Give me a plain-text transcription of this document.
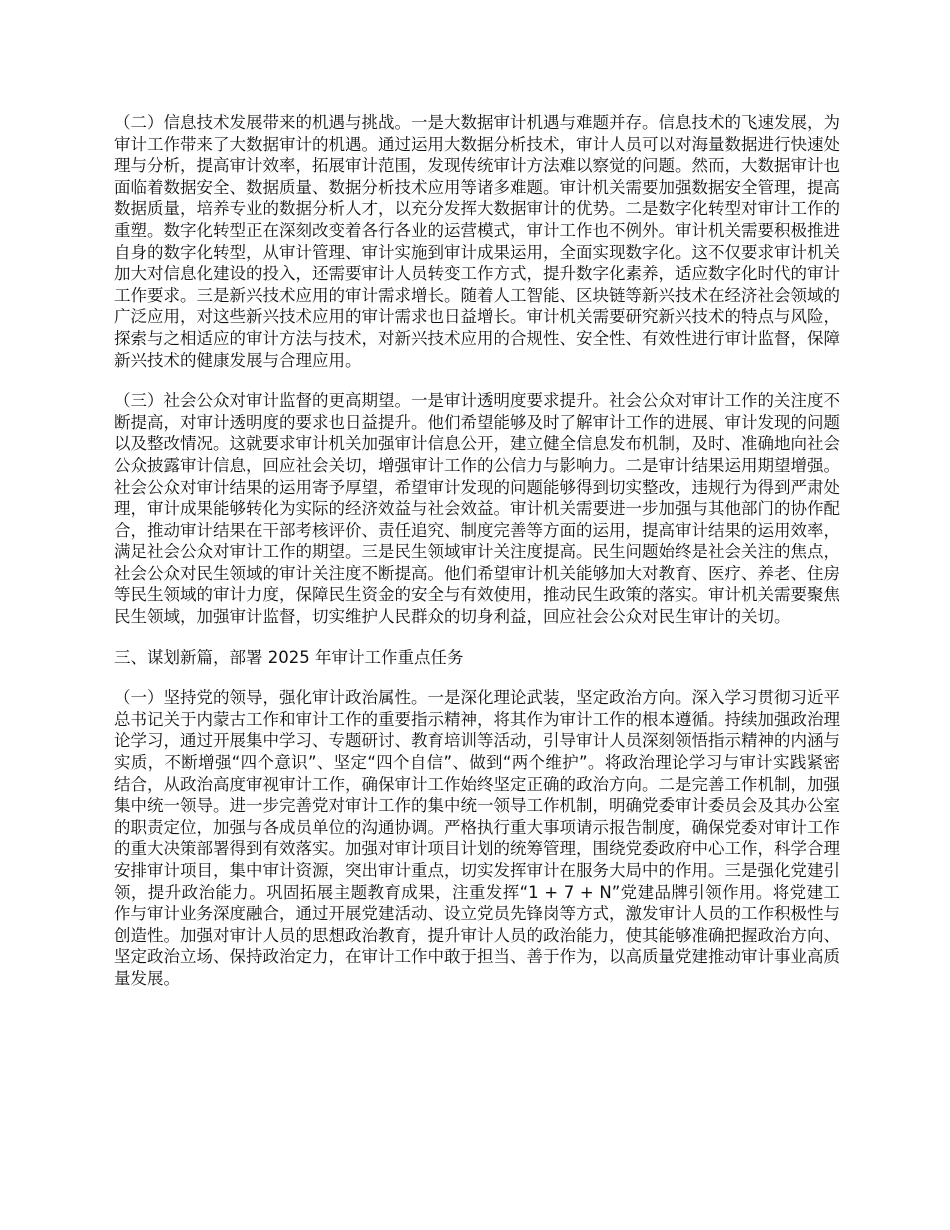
（二）信息技术发展带来的机遇与挑战。一是大数据审计机遇与难题并存。信息技术的飞速发展，为审计工作带来了大数据审计的机遇。通过运用大数据分析技术，审计人员可以对海量数据进行快速处理与分析，提高审计效率，拓展审计范围，发现传统审计方法难以察觉的问题。然而，大数据审计也面临着数据安全、数据质量、数据分析技术应用等诸多难题。审计机关需要加强数据安全管理，提高数据质量，培养专业的数据分析人才，以充分发挥大数据审计的优势。二是数字化转型对审计工作的重塑。数字化转型正在深刻改变着各行各业的运营模式，审计工作也不例外。审计机关需要积极推进自身的数字化转型，从审计管理、审计实施到审计成果运用，全面实现数字化。这不仅要求审计机关加大对信息化建设的投入，还需要审计人员转变工作方式，提升数字化素养，适应数字化时代的审计工作要求。三是新兴技术应用的审计需求增长。随着人工智能、区块链等新兴技术在经济社会领域的广泛应用，对这些新兴技术应用的审计需求也日益增长。审计机关需要研究新兴技术的特点与风险，探索与之相适应的审计方法与技术，对新兴技术应用的合规性、安全性、有效性进行审计监督，保障新兴技术的健康发展与合理应用。

（三）社会公众对审计监督的更高期望。一是审计透明度要求提升。社会公众对审计工作的关注度不断提高，对审计透明度的要求也日益提升。他们希望能够及时了解审计工作的进展、审计发现的问题以及整改情况。这就要求审计机关加强审计信息公开，建立健全信息发布机制，及时、准确地向社会公众披露审计信息，回应社会关切，增强审计工作的公信力与影响力。二是审计结果运用期望增强。社会公众对审计结果的运用寄予厚望，希望审计发现的问题能够得到切实整改，违规行为得到严肃处理，审计成果能够转化为实际的经济效益与社会效益。审计机关需要进一步加强与其他部门的协作配合，推动审计结果在干部考核评价、责任追究、制度完善等方面的运用，提高审计结果的运用效率，满足社会公众对审计工作的期望。三是民生领域审计关注度提高。民生问题始终是社会关注的焦点，社会公众对民生领域的审计关注度不断提高。他们希望审计机关能够加大对教育、医疗、养老、住房等民生领域的审计力度，保障民生资金的安全与有效使用，推动民生政策的落实。审计机关需要聚焦民生领域，加强审计监督，切实维护人民群众的切身利益，回应社会公众对民生审计的关切。

三、谋划新篇，部署 2025 年审计工作重点任务

（一）坚持党的领导，强化审计政治属性。一是深化理论武装，坚定政治方向。深入学习贯彻习近平总书记关于内蒙古工作和审计工作的重要指示精神，将其作为审计工作的根本遵循。持续加强政治理论学习，通过开展集中学习、专题研讨、教育培训等活动，引导审计人员深刻领悟指示精神的内涵与实质，不断增强“四个意识”、坚定“四个自信”、做到“两个维护”。将政治理论学习与审计实践紧密结合，从政治高度审视审计工作，确保审计工作始终坚定正确的政治方向。二是完善工作机制，加强集中统一领导。进一步完善党对审计工作的集中统一领导工作机制，明确党委审计委员会及其办公室的职责定位，加强与各成员单位的沟通协调。严格执行重大事项请示报告制度，确保党委对审计工作的重大决策部署得到有效落实。加强对审计项目计划的统筹管理，围绕党委政府中心工作，科学合理安排审计项目，集中审计资源，突出审计重点，切实发挥审计在服务大局中的作用。三是强化党建引领，提升政治能力。巩固拓展主题教育成果，注重发挥“1 + 7 + N”党建品牌引领作用。将党建工作与审计业务深度融合，通过开展党建活动、设立党员先锋岗等方式，激发审计人员的工作积极性与创造性。加强对审计人员的思想政治教育，提升审计人员的政治能力，使其能够准确把握政治方向、坚定政治立场、保持政治定力，在审计工作中敢于担当、善于作为，以高质量党建推动审计事业高质量发展。
